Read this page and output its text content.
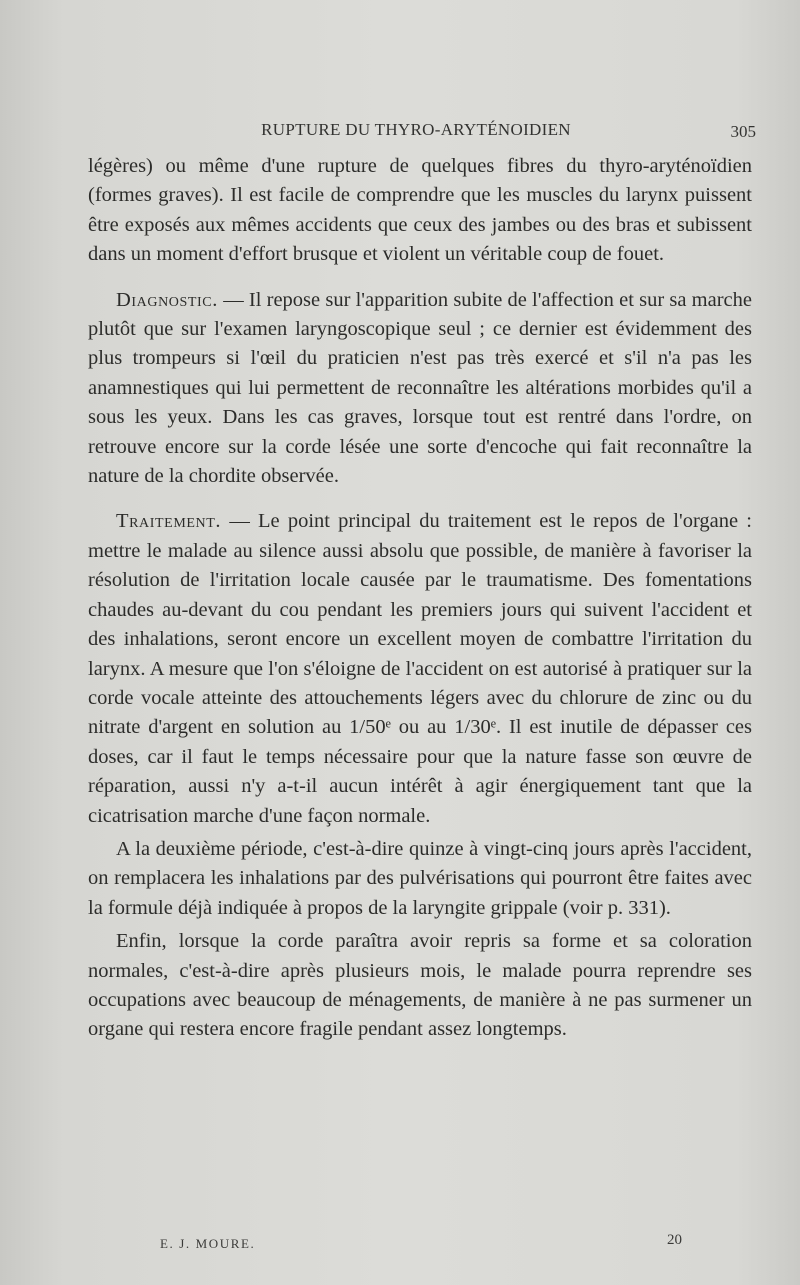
RUPTURE DU THYRO-ARYTÉNOIDIEN	305

légères) ou même d'une rupture de quelques fibres du thyro-aryténoïdien (formes graves). Il est facile de comprendre que les muscles du larynx puissent être exposés aux mêmes accidents que ceux des jambes ou des bras et subissent dans un moment d'effort brusque et violent un véritable coup de fouet.

Diagnostic. — Il repose sur l'apparition subite de l'affection et sur sa marche plutôt que sur l'examen laryngoscopique seul ; ce dernier est évidemment des plus trompeurs si l'œil du praticien n'est pas très exercé et s'il n'a pas les anamnestiques qui lui permettent de reconnaître les altérations morbides qu'il a sous les yeux. Dans les cas graves, lorsque tout est rentré dans l'ordre, on retrouve encore sur la corde lésée une sorte d'encoche qui fait reconnaître la nature de la chordite observée.

Traitement. — Le point principal du traitement est le repos de l'organe : mettre le malade au silence aussi absolu que possible, de manière à favoriser la résolution de l'irritation locale causée par le traumatisme. Des fomentations chaudes au-devant du cou pendant les premiers jours qui suivent l'accident et des inhalations, seront encore un excellent moyen de combattre l'irritation du larynx. A mesure que l'on s'éloigne de l'accident on est autorisé à pratiquer sur la corde vocale atteinte des attouchements légers avec du chlorure de zinc ou du nitrate d'argent en solution au 1/50ᵉ ou au 1/30ᵉ. Il est inutile de dépasser ces doses, car il faut le temps nécessaire pour que la nature fasse son œuvre de réparation, aussi n'y a-t-il aucun intérêt à agir énergiquement tant que la cicatrisation marche d'une façon normale.

A la deuxième période, c'est-à-dire quinze à vingt-cinq jours après l'accident, on remplacera les inhalations par des pulvérisations qui pourront être faites avec la formule déjà indiquée à propos de la laryngite grippale (voir p. 331).

Enfin, lorsque la corde paraîtra avoir repris sa forme et sa coloration normales, c'est-à-dire après plusieurs mois, le malade pourra reprendre ses occupations avec beaucoup de ménagements, de manière à ne pas surmener un organe qui restera encore fragile pendant assez longtemps.

E. J. MOURE.	20
